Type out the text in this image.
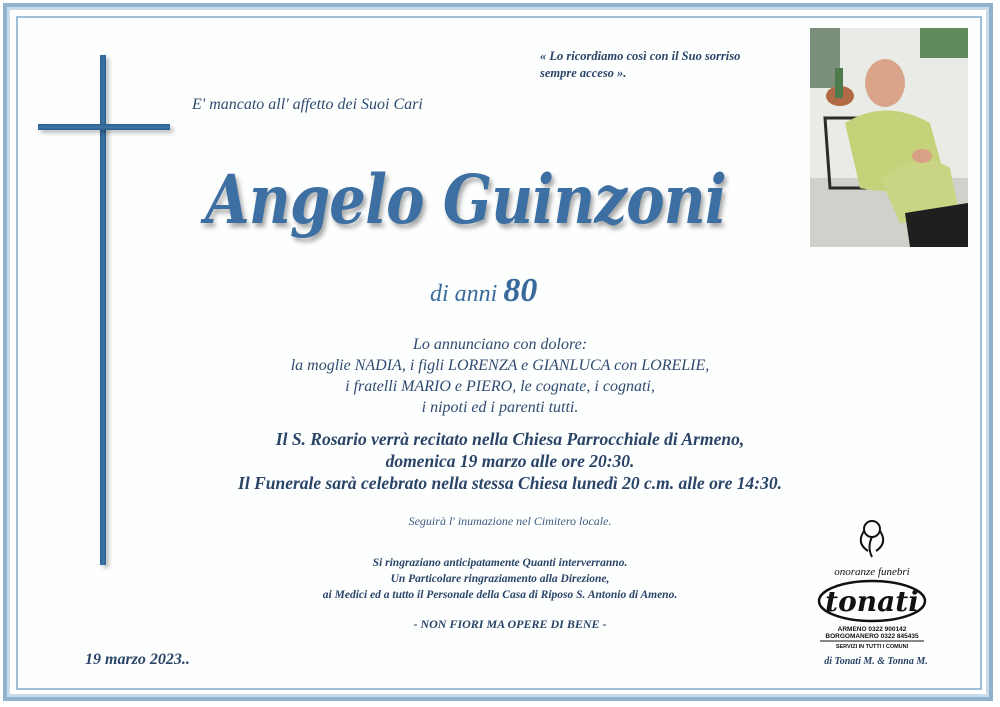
E' mancato all' affetto dei Suoi Cari
« Lo ricordiamo così con il Suo sorriso
sempre acceso ».
Angelo Guinzoni
di anni 80
Lo annunciano con dolore:
la moglie NADIA, i figli LORENZA e GIANLUCA con LORELIE,
i fratelli MARIO e PIERO, le cognate, i cognati,
i nipoti ed i parenti tutti.
Il S. Rosario verrà recitato nella Chiesa Parrocchiale di Armeno,
domenica 19 marzo alle ore 20:30.
Il Funerale sarà celebrato nella stessa Chiesa lunedì 20 c.m. alle ore 14:30.
Seguirà l' inumazione nel Cimitero locale.
Si ringraziano anticipatamente Quanti interverranno.
Un Particolare ringraziamento alla Direzione,
ai Medici ed a tutto il Personale della Casa di Riposo S. Antonio di Ameno.
- NON FIORI MA OPERE DI BENE -
19 marzo 2023..
onoranze funebri
tonati
ARMENO 0322 900142
BORGOMANERO 0322 845435
SERVIZI IN TUTTI I COMUNI
di Tonati M. & Tonna M.
